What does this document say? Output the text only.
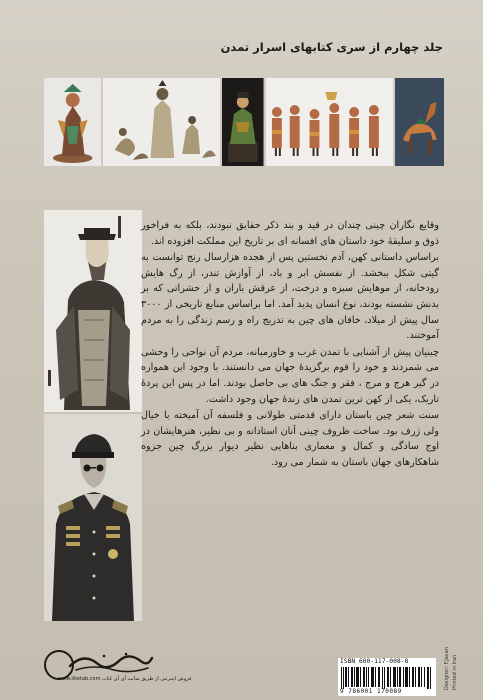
جلد چهارم از سری کتابهای اسرار تمدن

وقایع نگاران چینی چندان در قید و بند ذکر حقایق نبودند، بلکه به فراخور ذوق و سلیقهٔ خود داستان های افسانه ای بر تاریخ این مملکت افزوده اند.

براساس داستانی کهن، آدم نخستین پس از هجده هزارسال رنج توانست به گیتی شکل ببخشد. از نفسش ابر و باد، از آوازش تندر، از رگ هایش رودخانه، از موهایش سبزه و درخت، از عرقش باران و از حشراتی که بر بدنش نشسته بودند، نوع انسان پدید آمد. اما براساس منابع تاریخی از ۳۰۰۰ سال پیش از میلاد، خاقان های چین به تدریج راه و رسم زندگی را به مردم آموختند.

چینیان پیش از آشنایی با تمدن غرب و خاورمیانه، مردم آن نواحی را وحشی می شمردند و خود را قوم برگزیدهٔ جهان می دانستند. با وجود این همواره در گیر هرج و مرج ، فقر و جنگ های بی حاصل بودند. اما در پس این پردهٔ تاریک، یکی از کهن ترین تمدن های زندهٔ جهان وجود داشت.

سنت شعر چین باستان دارای قدمتی طولانی و فلسفه آن آمیخته با خیال ولی ژرف بود. ساخت ظروف چینی آنان استادانه و بی نظیر، هنرهایشان در اوج سادگی و کمال و معماری بناهایی نظیر دیوار بزرگ چین جزوه شاهکارهای جهان باستان به شمار می رود.

فروش اینترنتی از طریق سایت آی آی کتاب www.iiketab.com
ISBN 600-117-008-8
9 786001 170089
Designer: F.Javan Printed in Iran
